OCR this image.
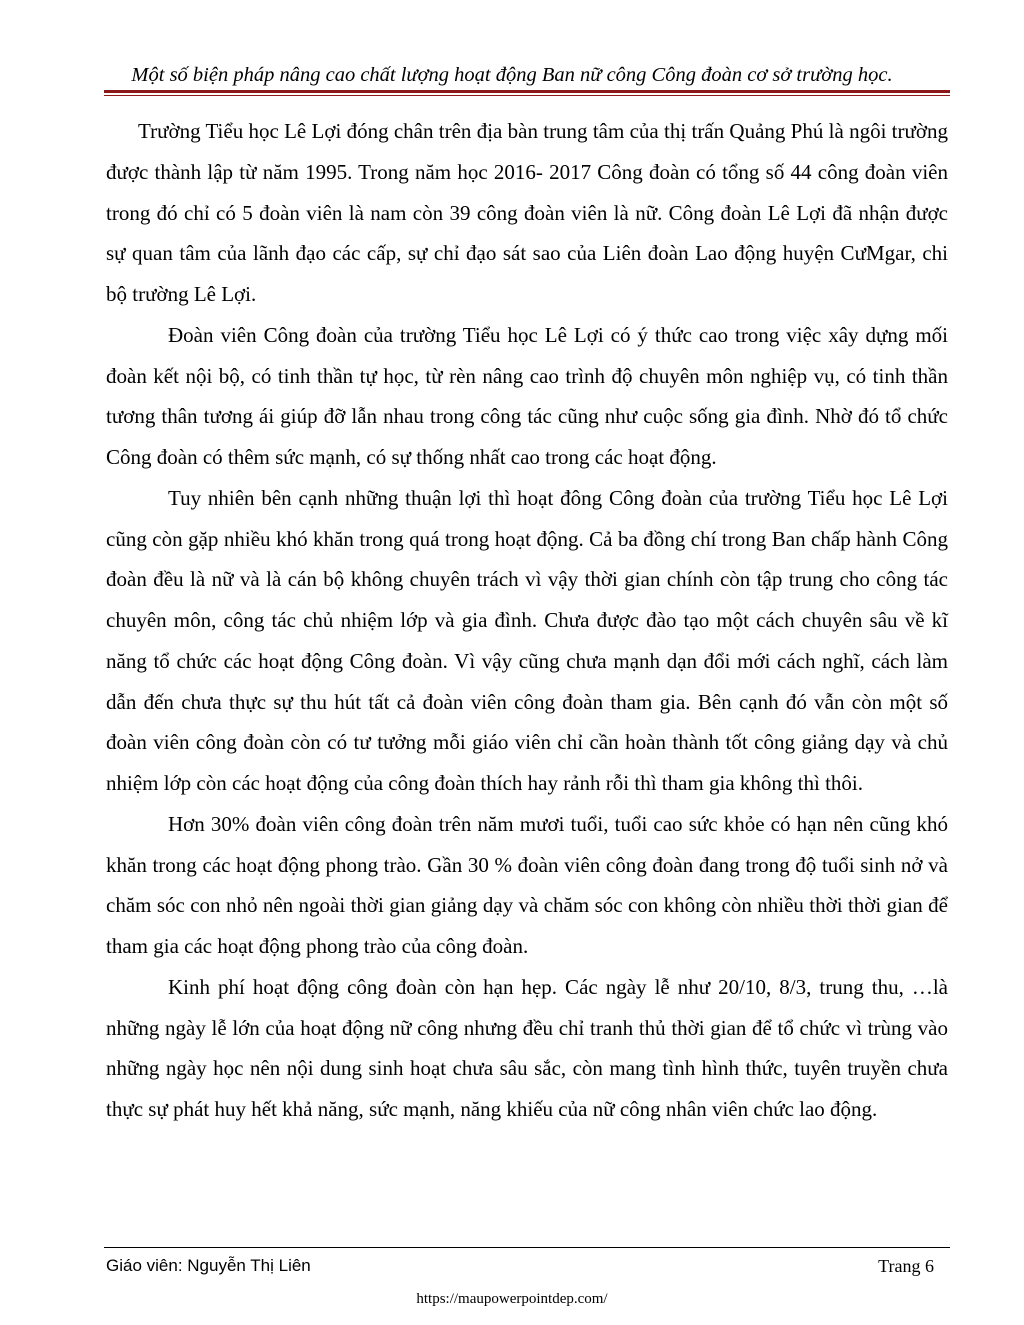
Một số biện pháp nâng cao chất lượng hoạt động Ban nữ công Công đoàn cơ sở trường học.

Trường Tiểu học Lê Lợi đóng chân trên địa bàn trung tâm của thị trấn Quảng Phú là ngôi trường được thành lập từ năm 1995. Trong năm học 2016- 2017 Công đoàn có tổng số 44 công đoàn viên trong đó chỉ có 5 đoàn viên là nam còn 39 công đoàn viên là nữ. Công đoàn Lê Lợi đã nhận được sự quan tâm của lãnh đạo các cấp, sự chỉ đạo sát sao của Liên đoàn Lao động huyện CưMgar, chi bộ trường Lê Lợi.

Đoàn viên Công đoàn của trường Tiểu học Lê Lợi có ý thức cao trong việc xây dựng mối đoàn kết nội bộ, có tinh thần tự học, từ rèn nâng cao trình độ chuyên môn nghiệp vụ, có tinh thần tương thân tương ái giúp đỡ lẫn nhau trong công tác cũng như cuộc sống gia đình. Nhờ đó tổ chức Công đoàn có thêm sức mạnh, có sự thống nhất cao trong các hoạt động.

Tuy nhiên bên cạnh những thuận lợi thì hoạt đông Công đoàn của trường Tiểu học Lê Lợi cũng còn gặp nhiều khó khăn trong quá trong hoạt động. Cả ba đồng chí trong Ban chấp hành Công đoàn đều là nữ và là cán bộ không chuyên trách vì vậy thời gian chính còn tập trung cho công tác chuyên môn, công tác chủ nhiệm lớp và gia đình. Chưa được đào tạo một cách chuyên sâu về kĩ năng tổ chức các hoạt động Công đoàn. Vì vậy cũng chưa mạnh dạn đổi mới cách nghĩ, cách làm dẫn đến chưa thực sự thu hút tất cả đoàn viên công đoàn tham gia. Bên cạnh đó vẫn còn một số đoàn viên công đoàn còn có tư tưởng mỗi giáo viên chỉ cần hoàn thành tốt công giảng dạy và chủ nhiệm lớp còn các hoạt động của công đoàn thích hay rảnh rỗi thì tham gia không thì thôi.

Hơn 30% đoàn viên công đoàn trên năm mươi tuổi, tuổi cao sức khỏe có hạn nên cũng khó khăn trong các hoạt động phong trào. Gần 30 % đoàn viên công đoàn đang trong độ tuổi sinh nở và chăm sóc con nhỏ nên ngoài thời gian giảng dạy và chăm sóc con không còn nhiều thời thời gian để tham gia các hoạt động phong trào của công đoàn.

Kinh phí hoạt động công đoàn còn hạn hẹp. Các ngày lễ như 20/10, 8/3, trung thu, …là những ngày lễ lớn của hoạt động nữ công nhưng đều chỉ tranh thủ thời gian để tổ chức vì trùng vào những ngày học nên nội dung sinh hoạt chưa sâu sắc, còn mang tình hình thức, tuyên truyền chưa thực sự phát huy hết khả năng, sức mạnh, năng khiếu của nữ công nhân viên chức lao động.

Giáo viên: Nguyễn Thị Liên	Trang 6
https://maupowerpointdep.com/
